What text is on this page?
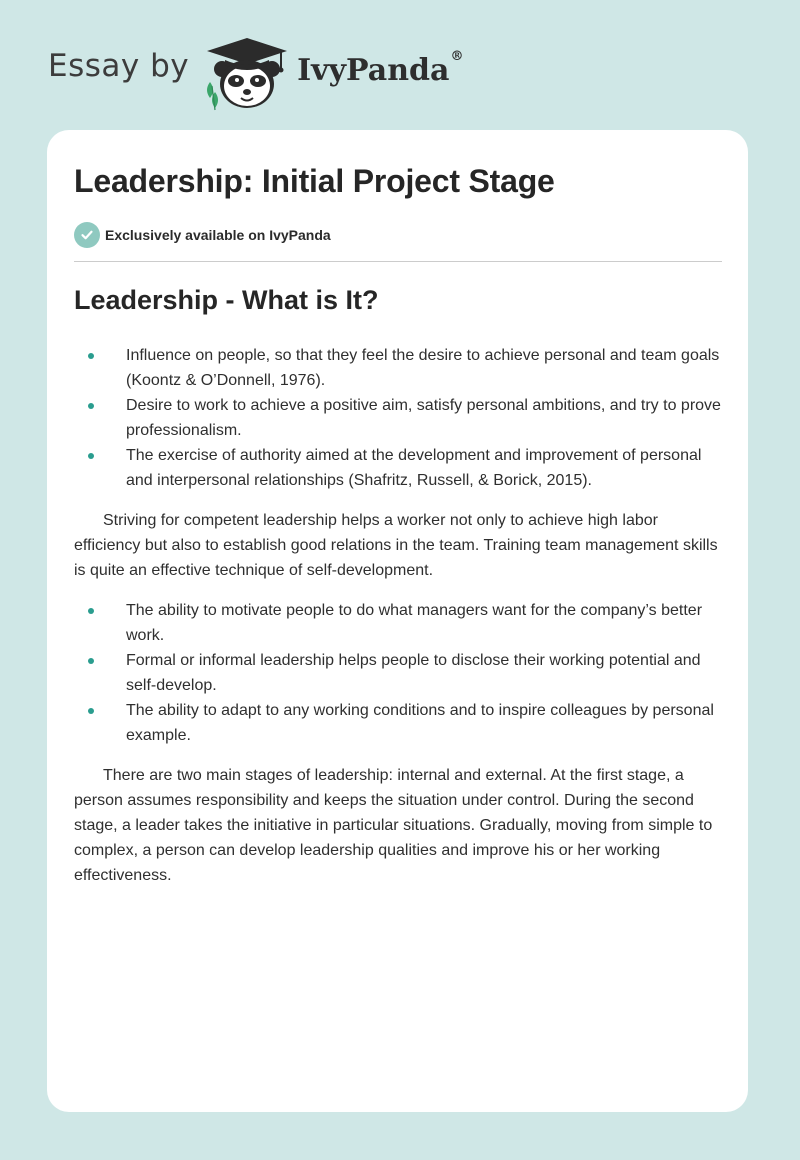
Essay by	IvyPanda®
Leadership: Initial Project Stage
Exclusively available on IvyPanda
Leadership - What is It?
Influence on people, so that they feel the desire to achieve personal and team goals (Koontz & O’Donnell, 1976).
Desire to work to achieve a positive aim, satisfy personal ambitions, and try to prove professionalism.
The exercise of authority aimed at the development and improvement of personal and interpersonal relationships (Shafritz, Russell, & Borick, 2015).

Striving for competent leadership helps a worker not only to achieve high labor efficiency but also to establish good relations in the team. Training team management skills is quite an effective technique of self-development.

The ability to motivate people to do what managers want for the company’s better work.
Formal or informal leadership helps people to disclose their working potential and self-develop.
The ability to adapt to any working conditions and to inspire colleagues by personal example.

There are two main stages of leadership: internal and external. At the first stage, a person assumes responsibility and keeps the situation under control. During the second stage, a leader takes the initiative in particular situations. Gradually, moving from simple to complex, a person can develop leadership qualities and improve his or her working effectiveness.
